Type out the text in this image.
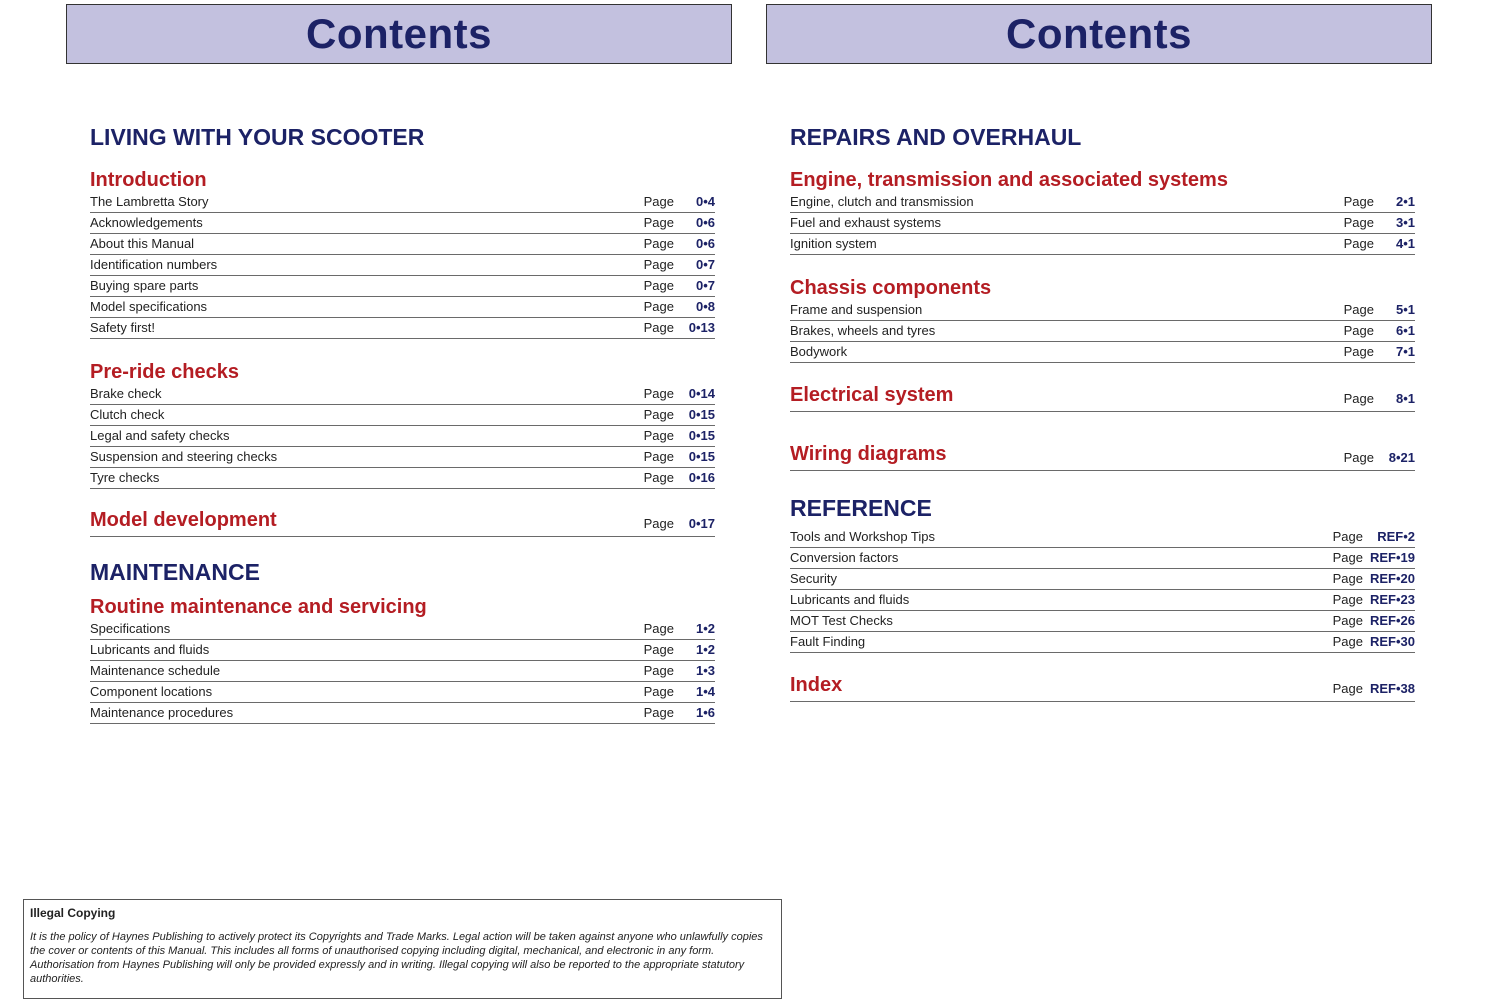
Contents	Contents
LIVING WITH YOUR SCOOTER
Introduction
The Lambretta Story	Page 0•4
Acknowledgements	Page 0•6
About this Manual	Page 0•6
Identification numbers	Page 0•7
Buying spare parts	Page 0•7
Model specifications	Page 0•8
Safety first!	Page 0•13
Pre-ride checks
Brake check	Page 0•14
Clutch check	Page 0•15
Legal and safety checks	Page 0•15
Suspension and steering checks	Page 0•15
Tyre checks	Page 0•16
Model development	Page 0•17
MAINTENANCE
Routine maintenance and servicing
Specifications	Page 1•2
Lubricants and fluids	Page 1•2
Maintenance schedule	Page 1•3
Component locations	Page 1•4
Maintenance procedures	Page 1•6
REPAIRS AND OVERHAUL
Engine, transmission and associated systems
Engine, clutch and transmission	Page 2•1
Fuel and exhaust systems	Page 3•1
Ignition system	Page 4•1
Chassis components
Frame and suspension	Page 5•1
Brakes, wheels and tyres	Page 6•1
Bodywork	Page 7•1
Electrical system	Page 8•1
Wiring diagrams	Page 8•21
REFERENCE
Tools and Workshop Tips	Page REF•2
Conversion factors	Page REF•19
Security	Page REF•20
Lubricants and fluids	Page REF•23
MOT Test Checks	Page REF•26
Fault Finding	Page REF•30
Index	Page REF•38
Illegal Copying
It is the policy of Haynes Publishing to actively protect its Copyrights and Trade Marks. Legal action will be taken against anyone who unlawfully copies the cover or contents of this Manual. This includes all forms of unauthorised copying including digital, mechanical, and electronic in any form. Authorisation from Haynes Publishing will only be provided expressly and in writing. Illegal copying will also be reported to the appropriate statutory authorities.
